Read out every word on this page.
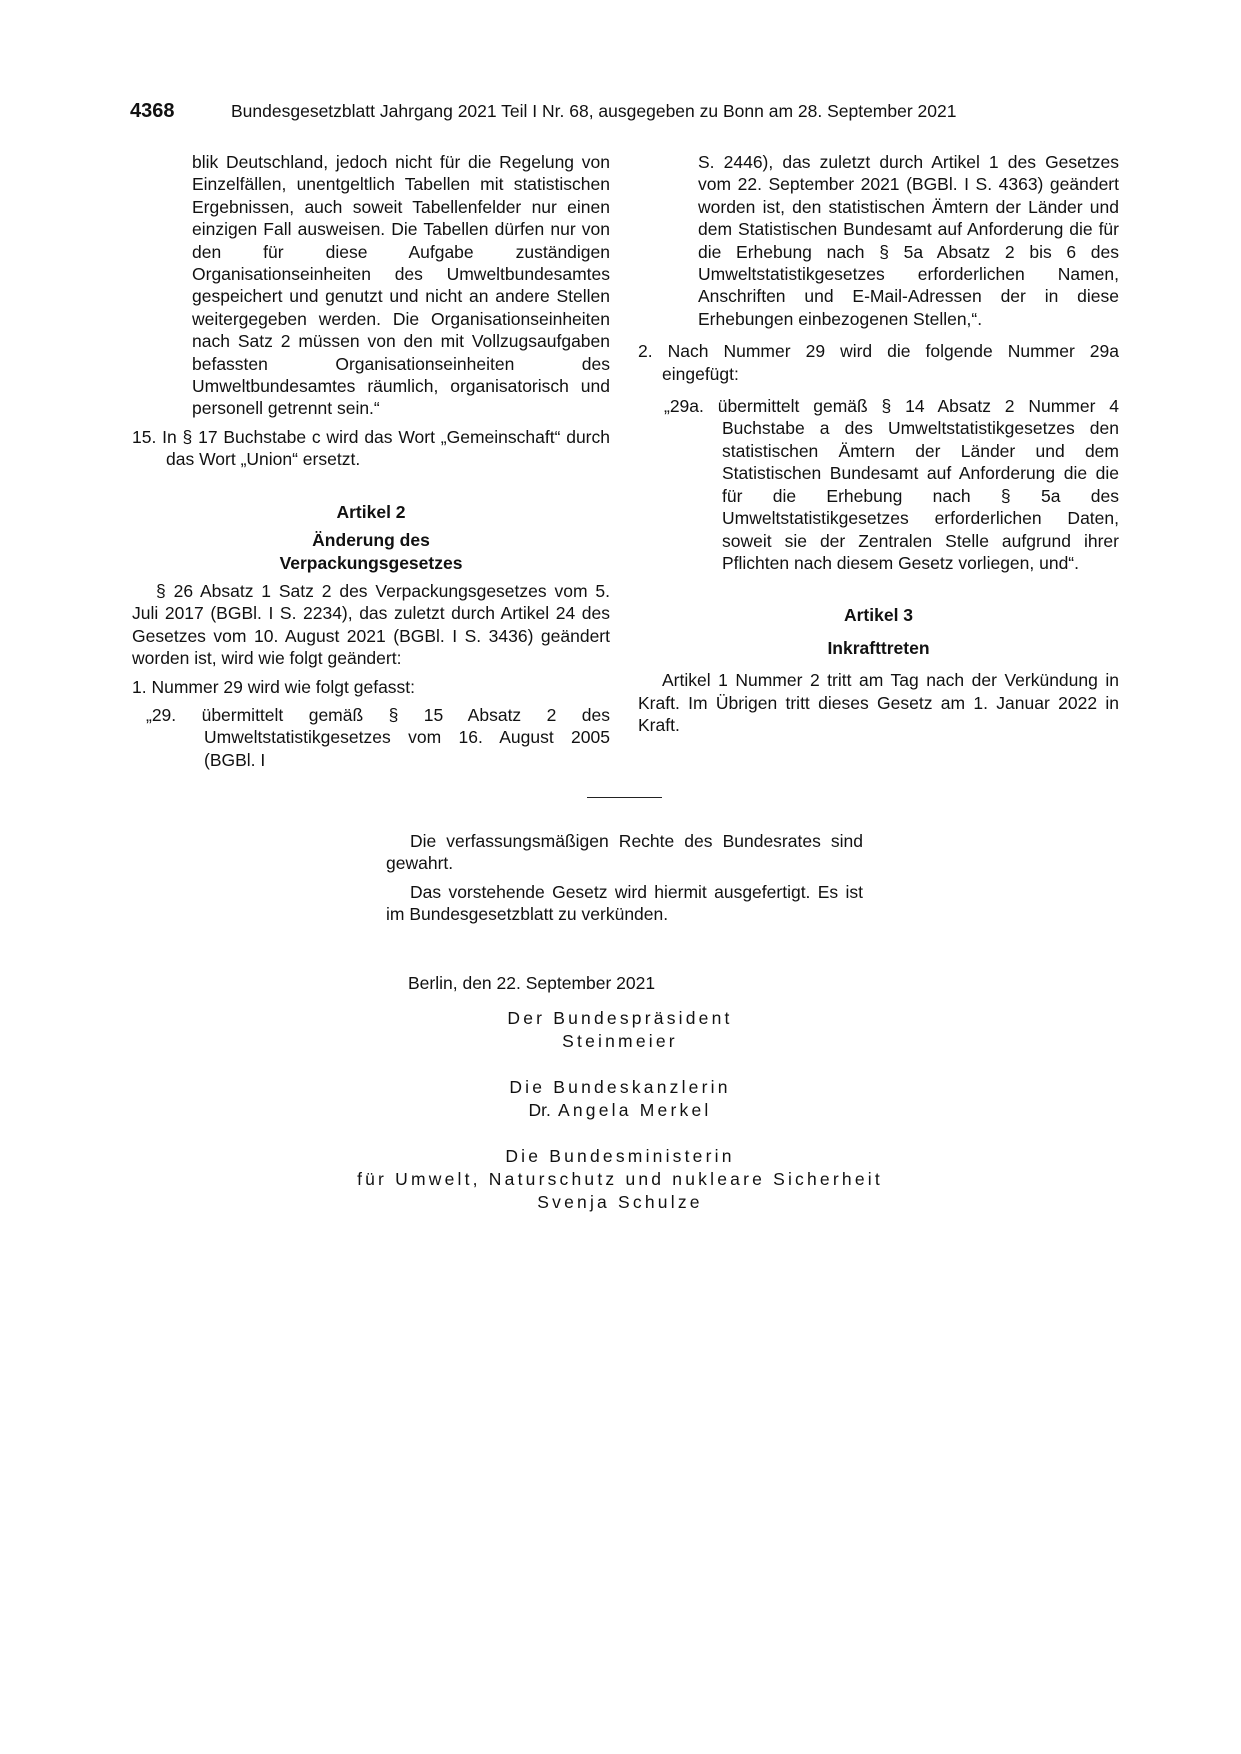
4368	Bundesgesetzblatt Jahrgang 2021 Teil I Nr. 68, ausgegeben zu Bonn am 28. September 2021

blik Deutschland, jedoch nicht für die Regelung von Einzelfällen, unentgeltlich Tabellen mit statistischen Ergebnissen, auch soweit Tabellenfelder nur einen einzigen Fall ausweisen. Die Tabellen dürfen nur von den für diese Aufgabe zuständigen Organisationseinheiten des Umweltbundesamtes gespeichert und genutzt und nicht an andere Stellen weitergegeben werden. Die Organisationseinheiten nach Satz 2 müssen von den mit Vollzugsaufgaben befassten Organisationseinheiten des Umweltbundesamtes räumlich, organisatorisch und personell getrennt sein.“

15. In § 17 Buchstabe c wird das Wort „Gemeinschaft“ durch das Wort „Union“ ersetzt.

Artikel 2

Änderung des

Verpackungsgesetzes

§ 26 Absatz 1 Satz 2 des Verpackungsgesetzes vom 5. Juli 2017 (BGBl. I S. 2234), das zuletzt durch Artikel 24 des Gesetzes vom 10. August 2021 (BGBl. I S. 3436) geändert worden ist, wird wie folgt geändert:

1. Nummer 29 wird wie folgt gefasst:

„29. übermittelt gemäß § 15 Absatz 2 des Umweltstatistikgesetzes vom 16. August 2005 (BGBl. I

S. 2446), das zuletzt durch Artikel 1 des Gesetzes vom 22. September 2021 (BGBl. I S. 4363) geändert worden ist, den statistischen Ämtern der Länder und dem Statistischen Bundesamt auf Anforderung die für die Erhebung nach § 5a Absatz 2 bis 6 des Umweltstatistikgesetzes erforderlichen Namen, Anschriften und E-Mail-Adressen der in diese Erhebungen einbezogenen Stellen,“.

2. Nach Nummer 29 wird die folgende Nummer 29a eingefügt:

„29a. übermittelt gemäß § 14 Absatz 2 Nummer 4 Buchstabe a des Umweltstatistikgesetzes den statistischen Ämtern der Länder und dem Statistischen Bundesamt auf Anforderung die die für die Erhebung nach § 5a des Umweltstatistikgesetzes erforderlichen Daten, soweit sie der Zentralen Stelle aufgrund ihrer Pflichten nach diesem Gesetz vorliegen, und“.

Artikel 3

Inkrafttreten

Artikel 1 Nummer 2 tritt am Tag nach der Verkündung in Kraft. Im Übrigen tritt dieses Gesetz am 1. Januar 2022 in Kraft.

Die verfassungsmäßigen Rechte des Bundesrates sind gewahrt.

Das vorstehende Gesetz wird hiermit ausgefertigt. Es ist im Bundesgesetzblatt zu verkünden.

Berlin, den 22. September 2021
Der Bundespräsident
Steinmeier
Die Bundeskanzlerin
Dr. Angela Merkel
Die Bundesministerin
für Umwelt, Naturschutz und nukleare Sicherheit
Svenja Schulze
